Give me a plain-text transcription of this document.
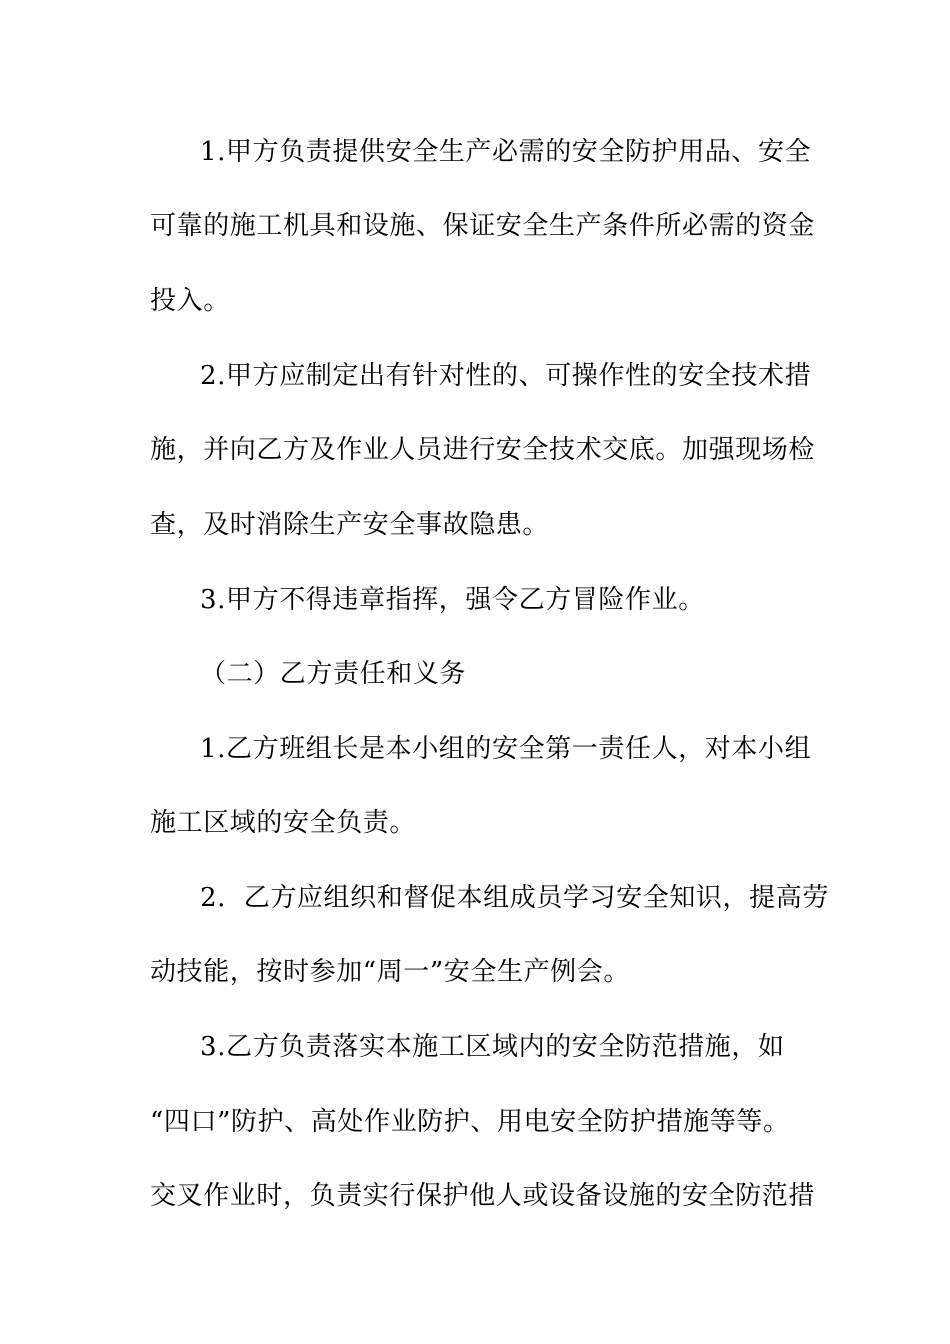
1.甲方负责提供安全生产必需的安全防护用品、安全

可靠的施工机具和设施、保证安全生产条件所必需的资金

投入。

2.甲方应制定出有针对性的、可操作性的安全技术措

施，并向乙方及作业人员进行安全技术交底。加强现场检

查，及时消除生产安全事故隐患。

3.甲方不得违章指挥，强令乙方冒险作业。

（二）乙方责任和义务

1.乙方班组长是本小组的安全第一责任人，对本小组

施工区域的安全负责。

2.  乙方应组织和督促本组成员学习安全知识，提高劳

动技能，按时参加“周一”安全生产例会。

3.乙方负责落实本施工区域内的安全防范措施，如

“四口”防护、高处作业防护、用电安全防护措施等等。

交叉作业时，负责实行保护他人或设备设施的安全防范措
